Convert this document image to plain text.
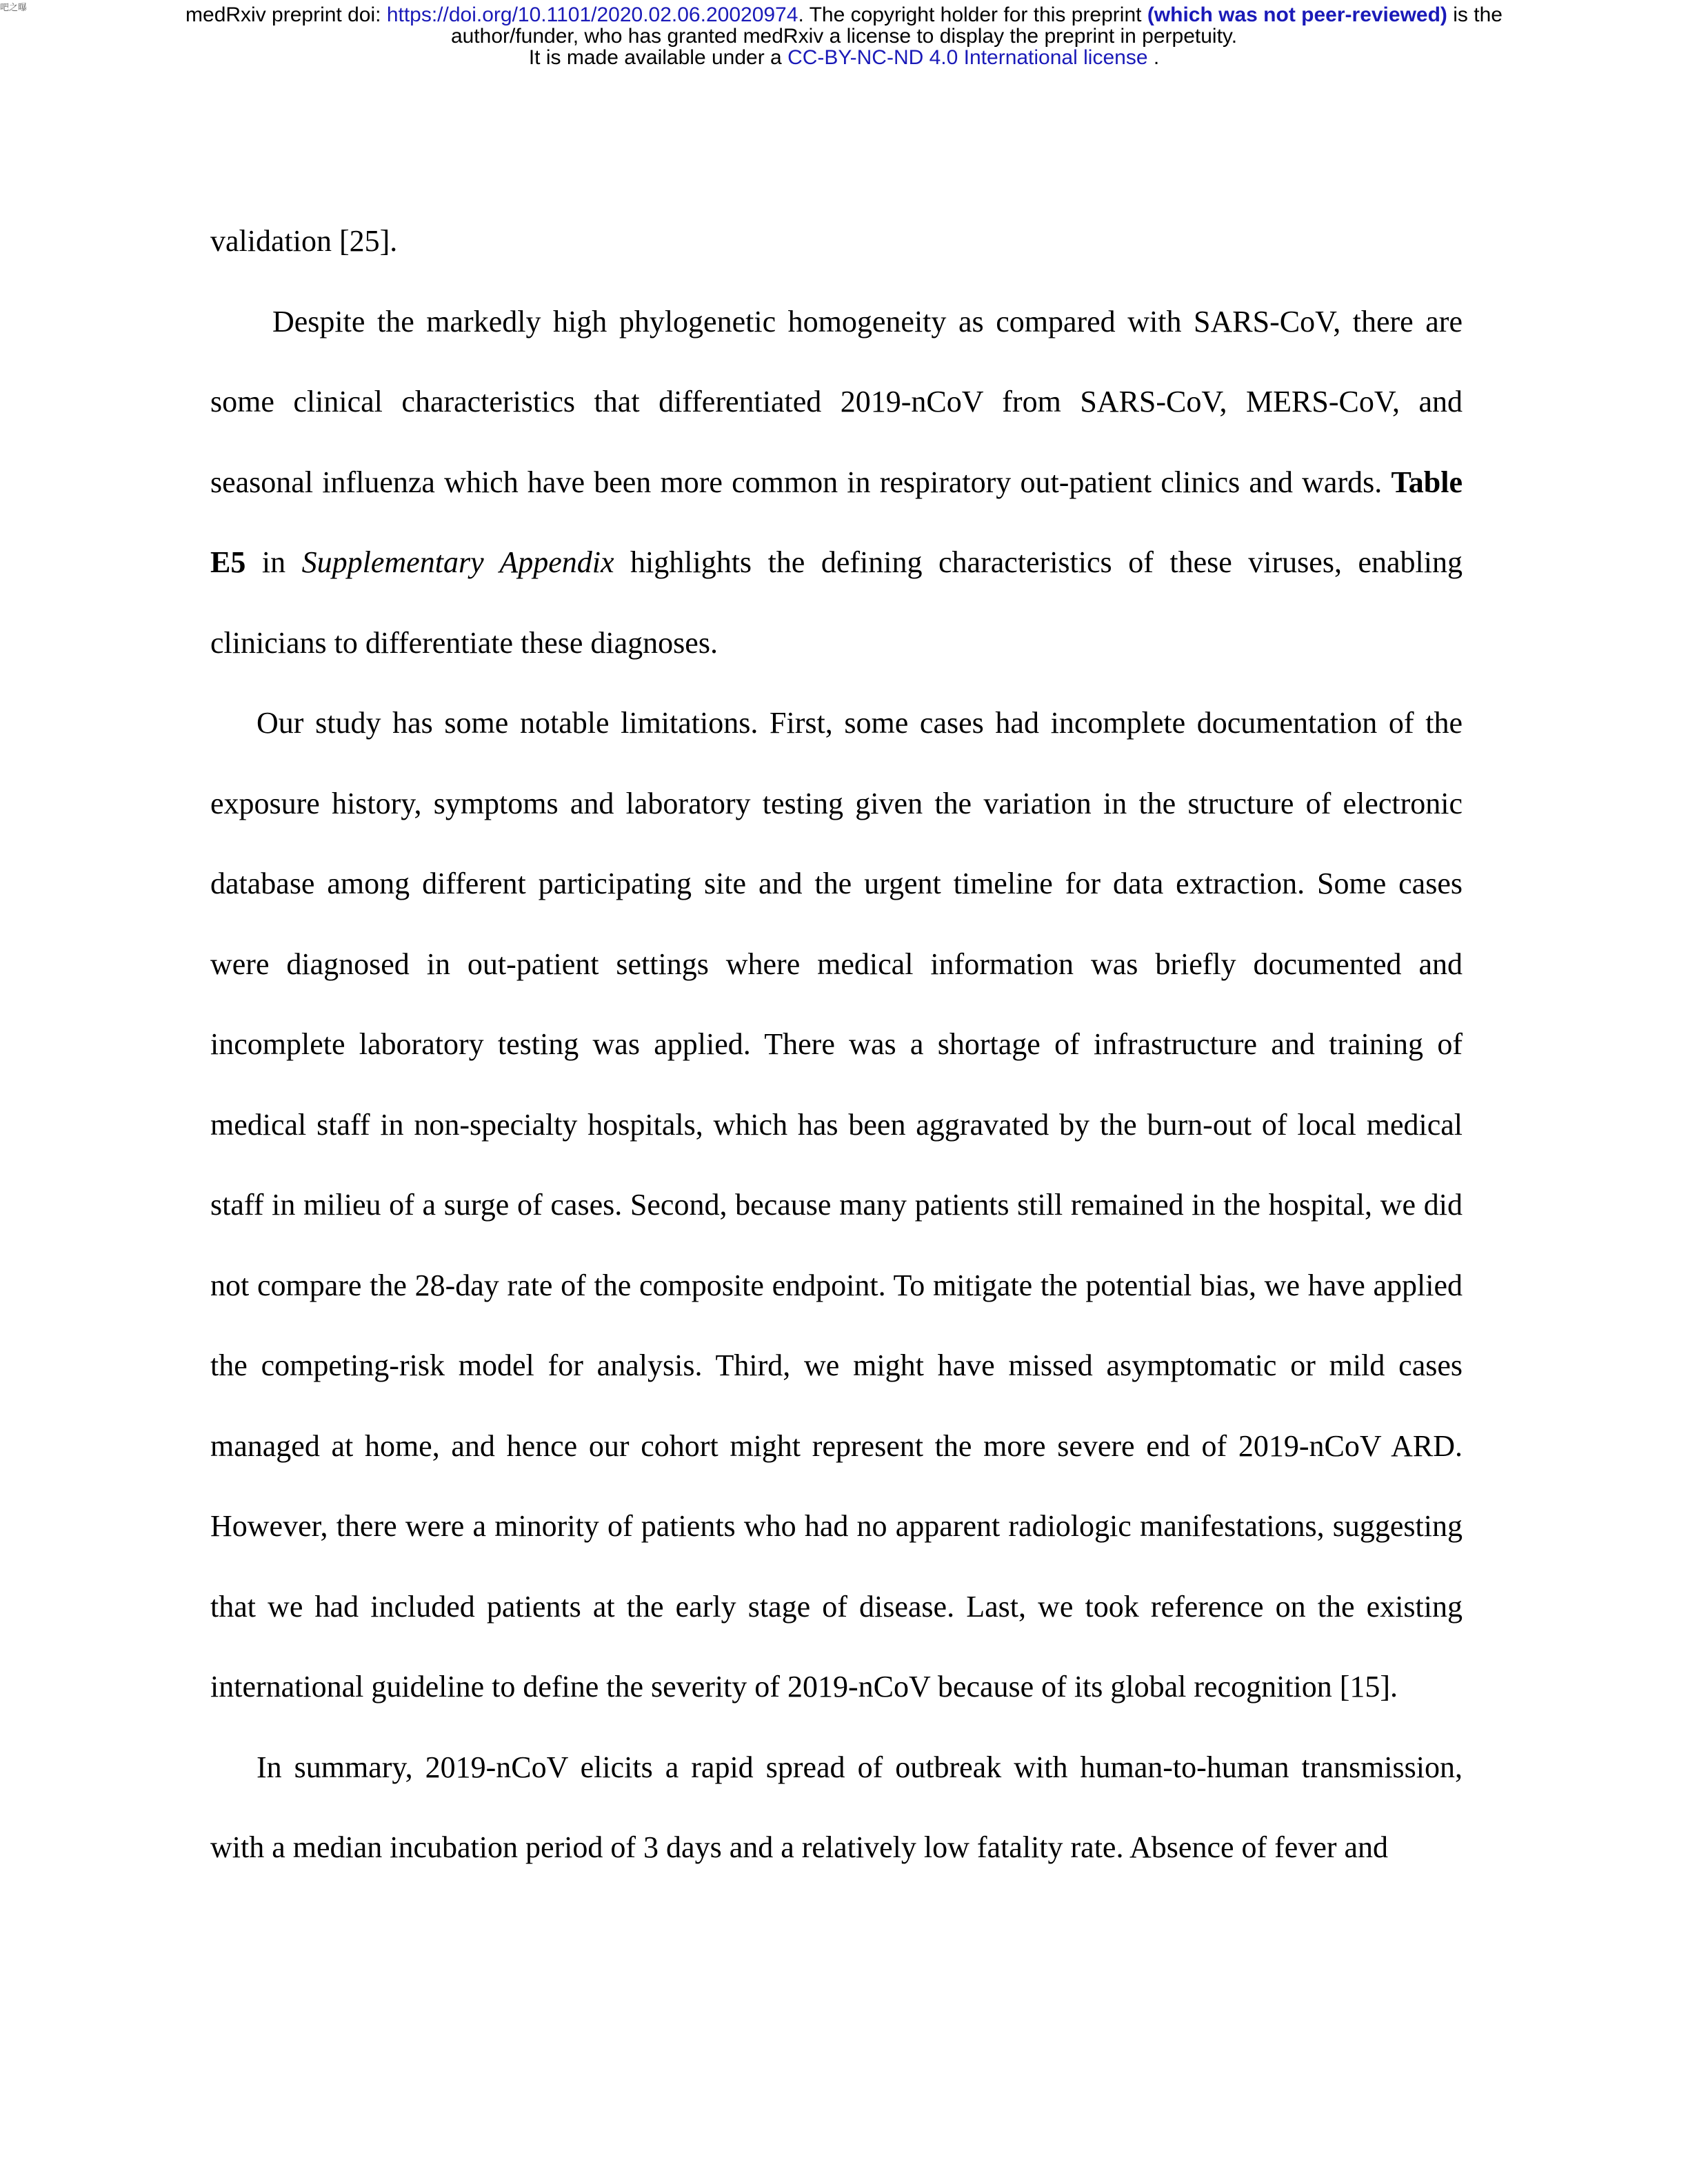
吧之曝	medRxiv preprint doi: https://doi.org/10.1101/2020.02.06.20020974. The copyright holder for this preprint (which was not peer-reviewed) is the
author/funder, who has granted medRxiv a license to display the preprint in perpetuity.
It is made available under a CC-BY-NC-ND 4.0 International license .

validation [25].

Despite the markedly high phylogenetic homogeneity as compared with SARS-CoV, there are some clinical characteristics that differentiated 2019-nCoV from SARS-CoV, MERS-CoV, and seasonal influenza which have been more common in respiratory out-patient clinics and wards. Table E5 in Supplementary Appendix highlights the defining characteristics of these viruses, enabling clinicians to differentiate these diagnoses.

Our study has some notable limitations. First, some cases had incomplete documentation of the exposure history, symptoms and laboratory testing given the variation in the structure of electronic database among different participating site and the urgent timeline for data extraction. Some cases were diagnosed in out-patient settings where medical information was briefly documented and incomplete laboratory testing was applied. There was a shortage of infrastructure and training of medical staff in non-specialty hospitals, which has been aggravated by the burn-out of local medical staff in milieu of a surge of cases. Second, because many patients still remained in the hospital, we did not compare the 28-day rate of the composite endpoint. To mitigate the potential bias, we have applied the competing-risk model for analysis. Third, we might have missed asymptomatic or mild cases managed at home, and hence our cohort might represent the more severe end of 2019-nCoV ARD. However, there were a minority of patients who had no apparent radiologic manifestations, suggesting that we had included patients at the early stage of disease. Last, we took reference on the existing international guideline to define the severity of 2019-nCoV because of its global recognition [15].

In summary, 2019-nCoV elicits a rapid spread of outbreak with human-to-human transmission, with a median incubation period of 3 days and a relatively low fatality rate. Absence of fever and
